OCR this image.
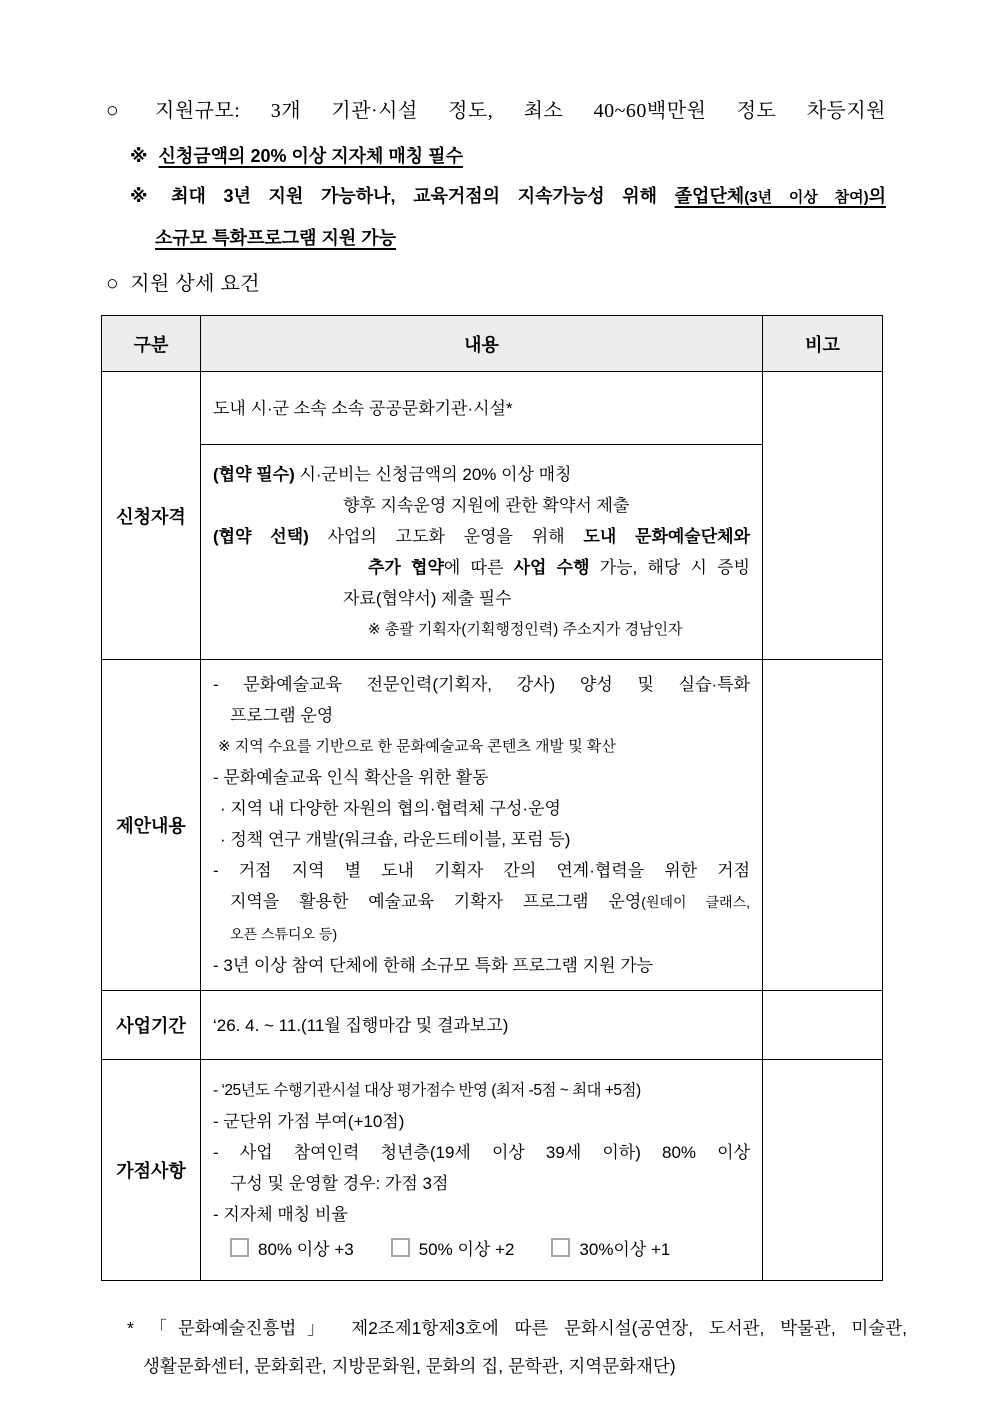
○ 지원규모: 3개 기관·시설 정도, 최소 40~60백만원 정도 차등지원
※ 신청금액의 20% 이상 지자체 매칭 필수
※ 최대 3년 지원 가능하나, 교육거점의 지속가능성 위해 졸업단체(3년 이상 참여)의
소규모 특화프로그램 지원 가능
○ 지원 상세 요건
구분	내용	비고
신청자격	도내 시·군 소속 소속 공공문화기관·시설*	

(협약 필수) 시·군비는 신청금액의 20% 이상 매칭
향후 지속운영 지원에 관한 확약서 제출
(협약 선택) 사업의 고도화 운영을 위해 도내 문화예술단체와
추가 협약에 따른 사업 수행 가능, 해당 시 증빙
자료(협약서) 제출 필수
※ 총괄 기획자(기획행정인력) 주소지가 경남인자

제안내용	
- 문화예술교육 전문인력(기획자, 강사) 양성 및 실습·특화
프로그램 운영
※ 지역 수요를 기반으로 한 문화예술교육 콘텐츠 개발 및 확산
- 문화예술교육 인식 확산을 위한 활동
· 지역 내 다양한 자원의 협의·협력체 구성·운영
· 정책 연구 개발(워크숍, 라운드테이블, 포럼 등)
- 거점 지역 별 도내 기획자 간의 연계·협력을 위한 거점
지역을 활용한 예술교육 기확자 프로그램 운영(원데이 클래스,
오픈 스튜디오 등)
- 3년 이상 참여 단체에 한해 소규모 특화 프로그램 지원 가능

사업기간	‘26. 4. ~ 11.(11월 집행마감 및 결과보고)	

가점사항	
- ‘25년도 수행기관시설 대상 평가점수 반영 (최저 -5점 ~ 최대 +5점)
- 군단위 가점 부여(+10점)
- 사업 참여인력 청년층(19세 이상 39세 이하) 80% 이상
구성 및 운영할 경우: 가점 3점
- 지자체 매칭 비율
80% 이상 +3	50% 이상 +2	30%이상 +1

* 「문화예술진흥법」 제2조제1항제3호에 따른 문화시설(공연장, 도서관, 박물관, 미술관,
생활문화센터, 문화회관, 지방문화원, 문화의 집, 문학관, 지역문화재단)
